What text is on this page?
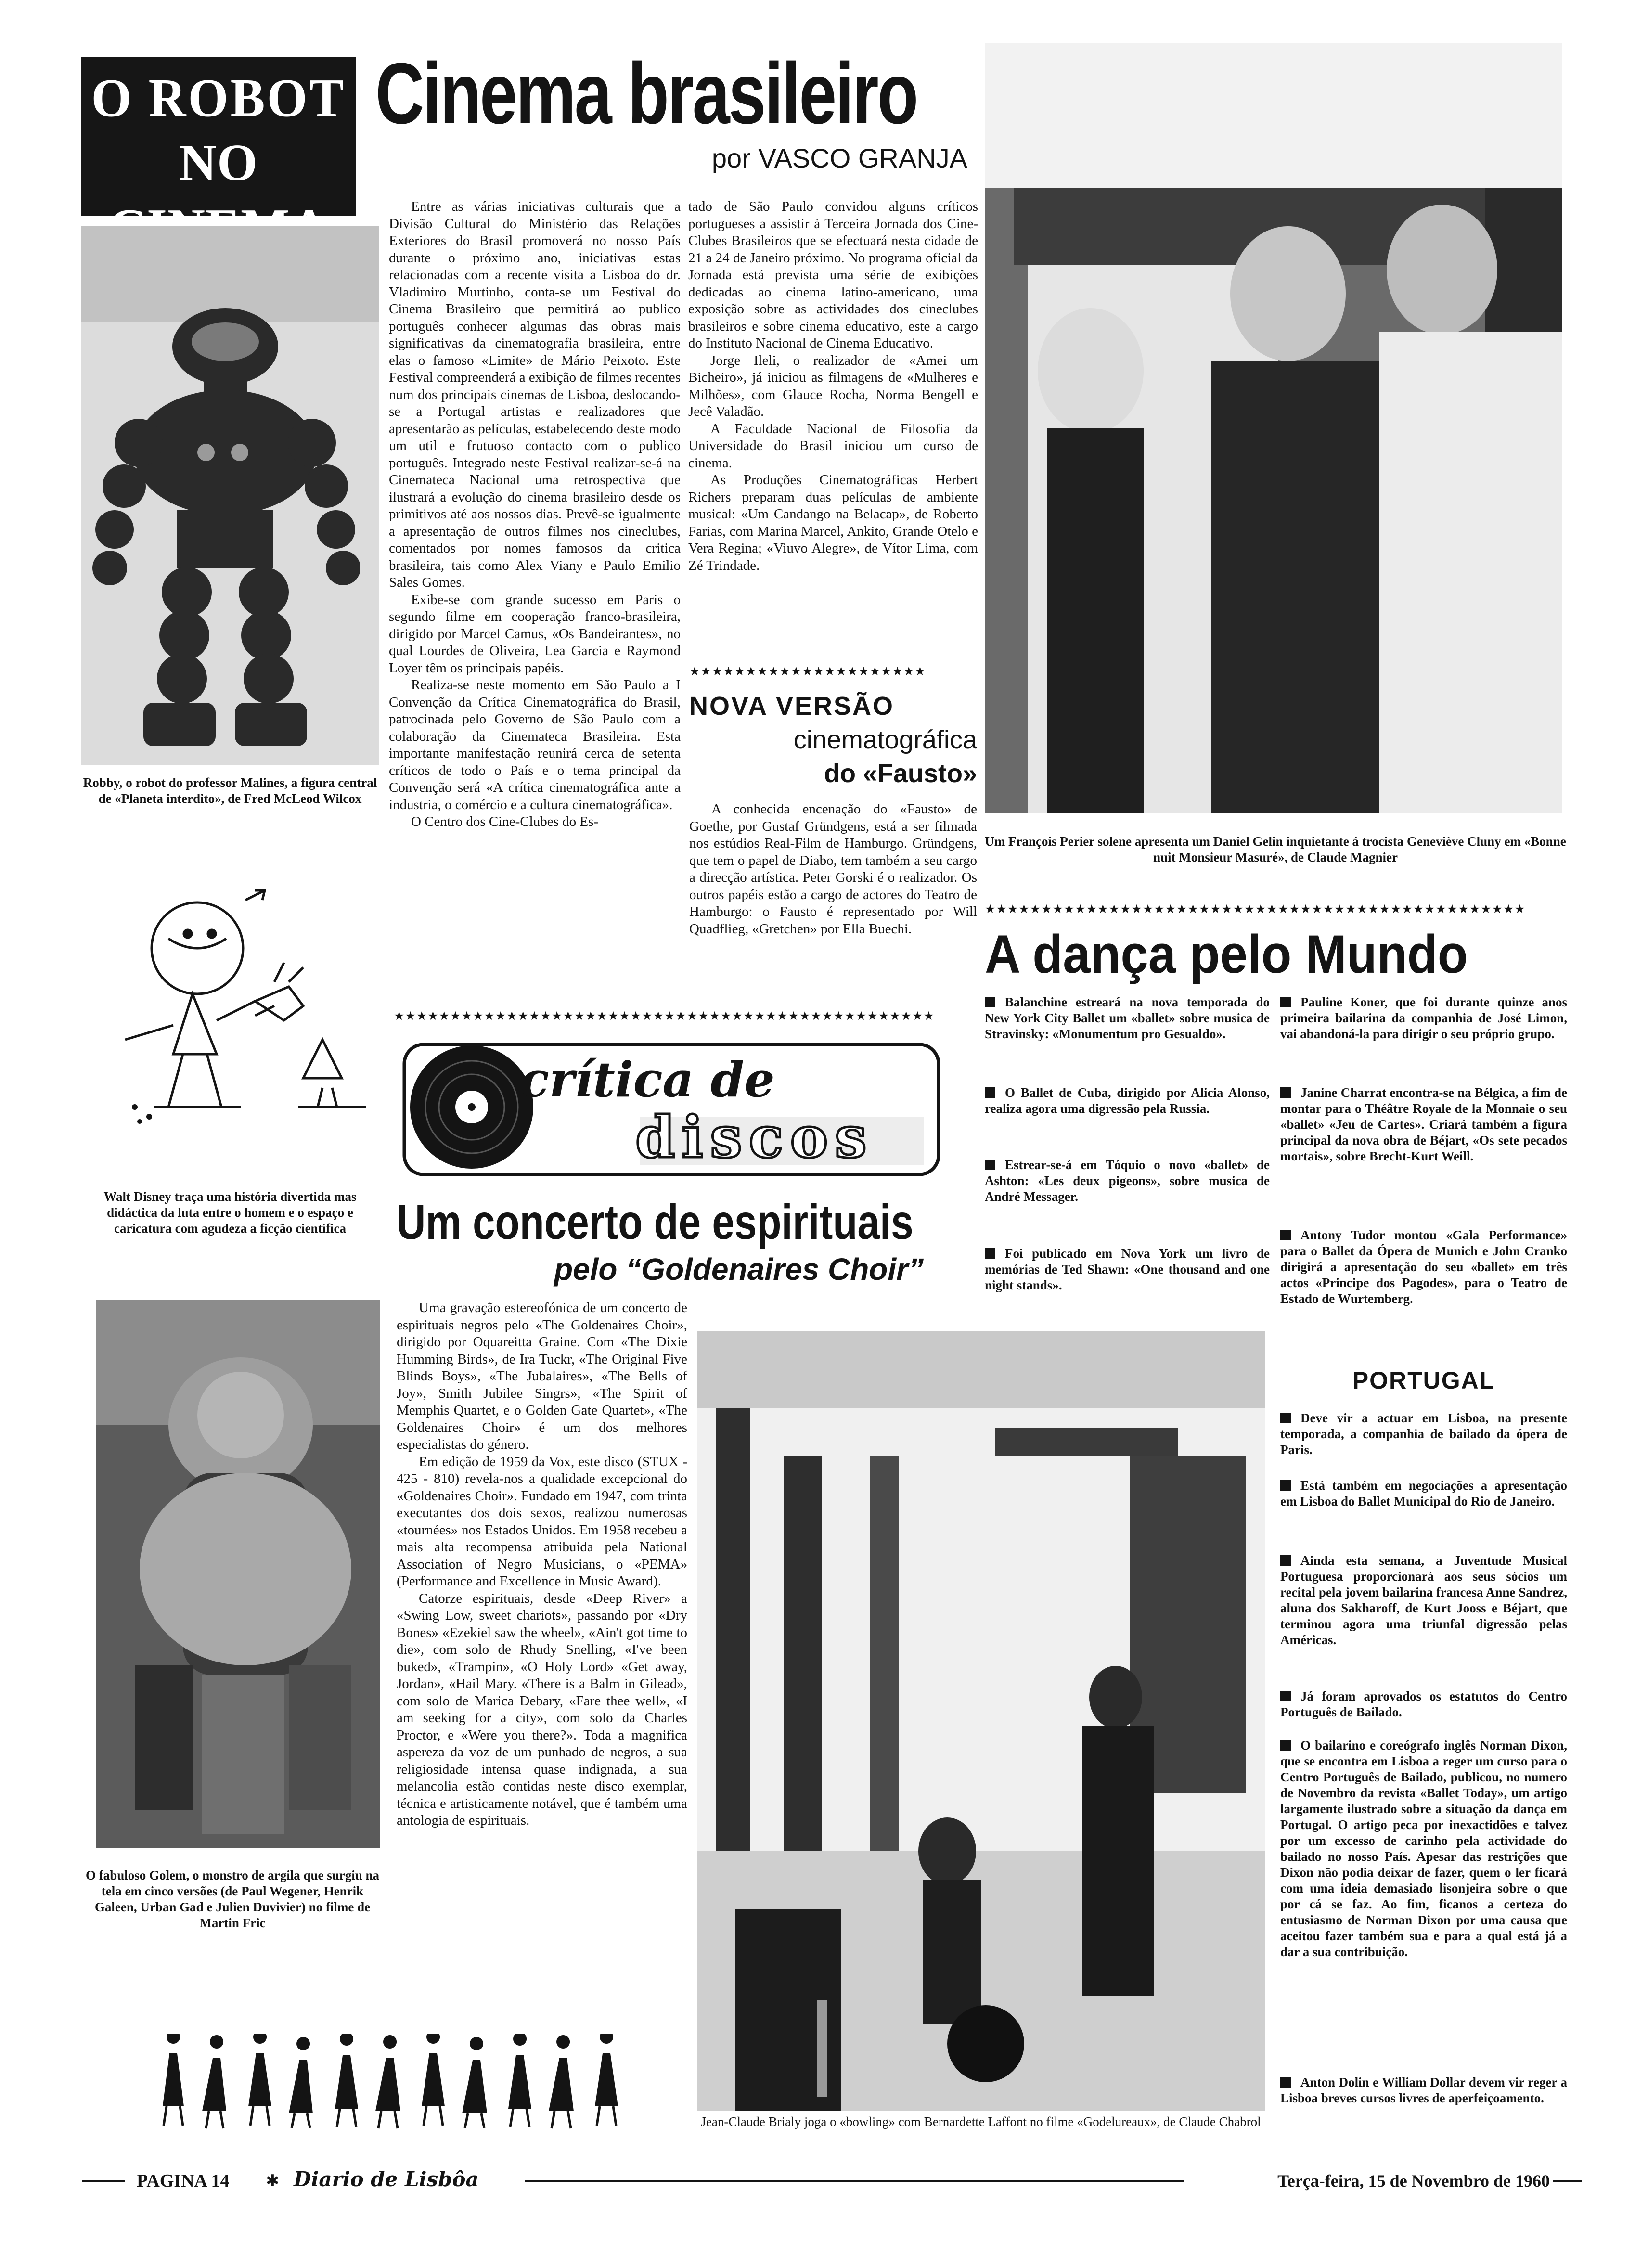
O ROBOT
NO
Robby, o robot do professor Malines, a figura central de «Planeta interdito», de Fred McLeod Wilcox
Walt Disney traça uma história divertida mas didáctica da luta entre o homem e o espaço e caricatura com agudeza a ficção científica
O fabuloso Golem, o monstro de argila que surgiu na tela em cinco versões (de Paul Wegener, Henrik Galeen, Urban Gad e Julien Duvivier) no filme de Martin Fric
Cinema brasileiro
por VASCO GRANJA

Entre as várias iniciativas culturais que a Divisão Cultural do Ministério das Relações Exteriores do Brasil promoverá no nosso País durante o próximo ano, iniciativas estas relacionadas com a recente visita a Lisboa do dr. Vladimiro Murtinho, conta-se um Festival do Cinema Brasileiro que permitirá ao publico português conhecer algumas das obras mais significativas da cinematografia brasileira, entre elas o famoso «Limite» de Mário Peixoto. Este Festival compreenderá a exibição de filmes recentes num dos principais cinemas de Lisboa, deslocando-se a Portugal artistas e realizadores que apresentarão as películas, estabelecendo deste modo um util e frutuoso contacto com o publico português. Integrado neste Festival realizar-se-á na Cinemateca Nacional uma retrospectiva que ilustrará a evolução do cinema brasileiro desde os primitivos até aos nossos dias. Prevê-se igualmente a apresentação de outros filmes nos cineclubes, comentados por nomes famosos da critica brasileira, tais como Alex Viany e Paulo Emilio Sales Gomes.

Exibe-se com grande sucesso em Paris o segundo filme em cooperação franco-brasileira, dirigido por Marcel Camus, «Os Bandeirantes», no qual Lourdes de Oliveira, Lea Garcia e Raymond Loyer têm os principais papéis.

Realiza-se neste momento em São Paulo a I Convenção da Crítica Cinematográfica do Brasil, patrocinada pelo Governo de São Paulo com a colaboração da Cinemateca Brasileira. Esta importante manifestação reunirá cerca de setenta críticos de todo o País e o tema principal da Convenção será «A crítica cinematográfica ante a industria, o comércio e a cultura cinematográfica».

O Centro dos Cine-Clubes do Es-

tado de São Paulo convidou alguns críticos portugueses a assistir à Terceira Jornada dos Cine-Clubes Brasileiros que se efectuará nesta cidade de 21 a 24 de Janeiro próximo. No programa oficial da Jornada está prevista uma série de exibições dedicadas ao cinema latino-americano, uma exposição sobre as actividades dos cineclubes brasileiros e sobre cinema educativo, este a cargo do Instituto Nacional de Cinema Educativo.

Jorge Ileli, o realizador de «Amei um Bicheiro», já iniciou as filmagens de «Mulheres e Milhões», com Glauce Rocha, Norma Bengell e Jecê Valadão.

A Faculdade Nacional de Filosofia da Universidade do Brasil iniciou um curso de cinema.

As Produções Cinematográficas Herbert Richers preparam duas películas de ambiente musical: «Um Candango na Belacap», de Roberto Farias, com Marina Marcel, Ankito, Grande Otelo e Vera Regina; «Viuvo Alegre», de Vítor Lima, com Zé Trindade.

★★★★★★★★★★★★★★★★★★★★★
NOVA VERSÃO
cinematográfica
do «Fausto»

A conhecida encenação do «Fausto» de Goethe, por Gustaf Gründgens, está a ser filmada nos estúdios Real-Film de Hamburgo. Gründgens, que tem o papel de Diabo, tem também a seu cargo a direcção artística. Peter Gorski é o realizador. Os outros papéis estão a cargo de actores do Teatro de Hamburgo: o Fausto é representado por Will Quadflieg, «Gretchen» por Ella Buechi.

Um François Perier solene apresenta um Daniel Gelin inquietante á trocista Geneviève Cluny em «Bonne nuit Monsieur Masuré», de Claude Magnier
★★★★★★★★★★★★★★★★★★★★★★★★★★★★★★★★★★★★★★★★★★★★★★★★
A dança pelo Mundo
Balanchine estreará na nova temporada do New York City Ballet um «ballet» sobre musica de Stravinsky: «Monumentum pro Gesualdo».
O Ballet de Cuba, dirigido por Alicia Alonso, realiza agora uma digressão pela Russia.
Estrear-se-á em Tóquio o novo «ballet» de Ashton: «Les deux pigeons», sobre musica de André Messager.
Foi publicado em Nova York um livro de memórias de Ted Shawn: «One thousand and one night stands».
Pauline Koner, que foi durante quinze anos primeira bailarina da companhia de José Limon, vai abandoná-la para dirigir o seu próprio grupo.
Janine Charrat encontra-se na Bélgica, a fim de montar para o Théâtre Royale de la Monnaie o seu «ballet» «Jeu de Cartes». Criará também a figura principal da nova obra de Béjart, «Os sete pecados mortais», sobre Brecht-Kurt Weill.
Antony Tudor montou «Gala Performance» para o Ballet da Ópera de Munich e John Cranko dirigirá a apresentação do seu «ballet» em três actos «Principe dos Pagodes», para o Teatro de Estado de Wurtemberg.
PORTUGAL
Deve vir a actuar em Lisboa, na presente temporada, a companhia de bailado da ópera de Paris.
Está também em negociações a apresentação em Lisboa do Ballet Municipal do Rio de Janeiro.
Ainda esta semana, a Juventude Musical Portuguesa proporcionará aos seus sócios um recital pela jovem bailarina francesa Anne Sandrez, aluna dos Sakharoff, de Kurt Jooss e Béjart, que terminou agora uma triunfal digressão pelas Américas.
Já foram aprovados os estatutos do Centro Português de Bailado.
O bailarino e coreógrafo inglês Norman Dixon, que se encontra em Lisboa a reger um curso para o Centro Português de Bailado, publicou, no numero de Novembro da revista «Ballet Today», um artigo largamente ilustrado sobre a situação da dança em Portugal. O artigo peca por inexactidões e talvez por um excesso de carinho pela actividade do bailado no nosso País. Apesar das restrições que Dixon não podia deixar de fazer, quem o ler ficará com uma ideia demasiado lisonjeira sobre o que por cá se faz. Ao fim, ficanos a certeza do entusiasmo de Norman Dixon por uma causa que aceitou fazer também sua e para a qual está já a dar a sua contribuição.
Anton Dolin e William Dollar devem vir reger a Lisboa breves cursos livres de aperfeiçoamento.
★★★★★★★★★★★★★★★★★★★★★★★★★★★★★★★★★★★★★★★★★★★★★★★★
crítica de
discos
Um concerto de espirituais
pelo “Goldenaires Choir”

Uma gravação estereofónica de um concerto de espirituais negros pelo «The Goldenaires Choir», dirigido por Oquareitta Graine. Com «The Dixie Humming Birds», de Ira Tuckr, «The Original Five Blinds Boys», «The Jubalaires», «The Bells of Joy», Smith Jubilee Singrs», «The Spirit of Memphis Quartet, e o Golden Gate Quartet», «The Goldenaires Choir» é um dos melhores especialistas do género.

Em edição de 1959 da Vox, este disco (STUX - 425 - 810) revela-nos a qualidade excepcional do «Goldenaires Choir». Fundado em 1947, com trinta executantes dos dois sexos, realizou numerosas «tournées» nos Estados Unidos. Em 1958 recebeu a mais alta recompensa atribuida pela National Association of Negro Musicians, o «PEMA» (Performance and Excellence in Music Award).

Catorze espirituais, desde «Deep River» a «Swing Low, sweet chariots», passando por «Dry Bones» «Ezekiel saw the wheel», «Ain't got time to die», com solo de Rhudy Snelling, «I've been buked», «Trampin», «O Holy Lord» «Get away, Jordan», «Hail Mary. «There is a Balm in Gilead», com solo de Marica Debary, «Fare thee well», «I am seeking for a city», com solo da Charles Proctor, e «Were you there?». Toda a magnifica aspereza da voz de um punhado de negros, a sua religiosidade intensa quase indignada, a sua melancolia estão contidas neste disco exemplar, técnica e artisticamente notável, que é também uma antologia de espirituais.

Jean-Claude Brialy joga o «bowling» com Bernardette Laffont no filme «Godelureaux», de Claude Chabrol
PAGINA 14	✱ Diario de Lisbôa	Terça-feira, 15 de Novembro de 1960
